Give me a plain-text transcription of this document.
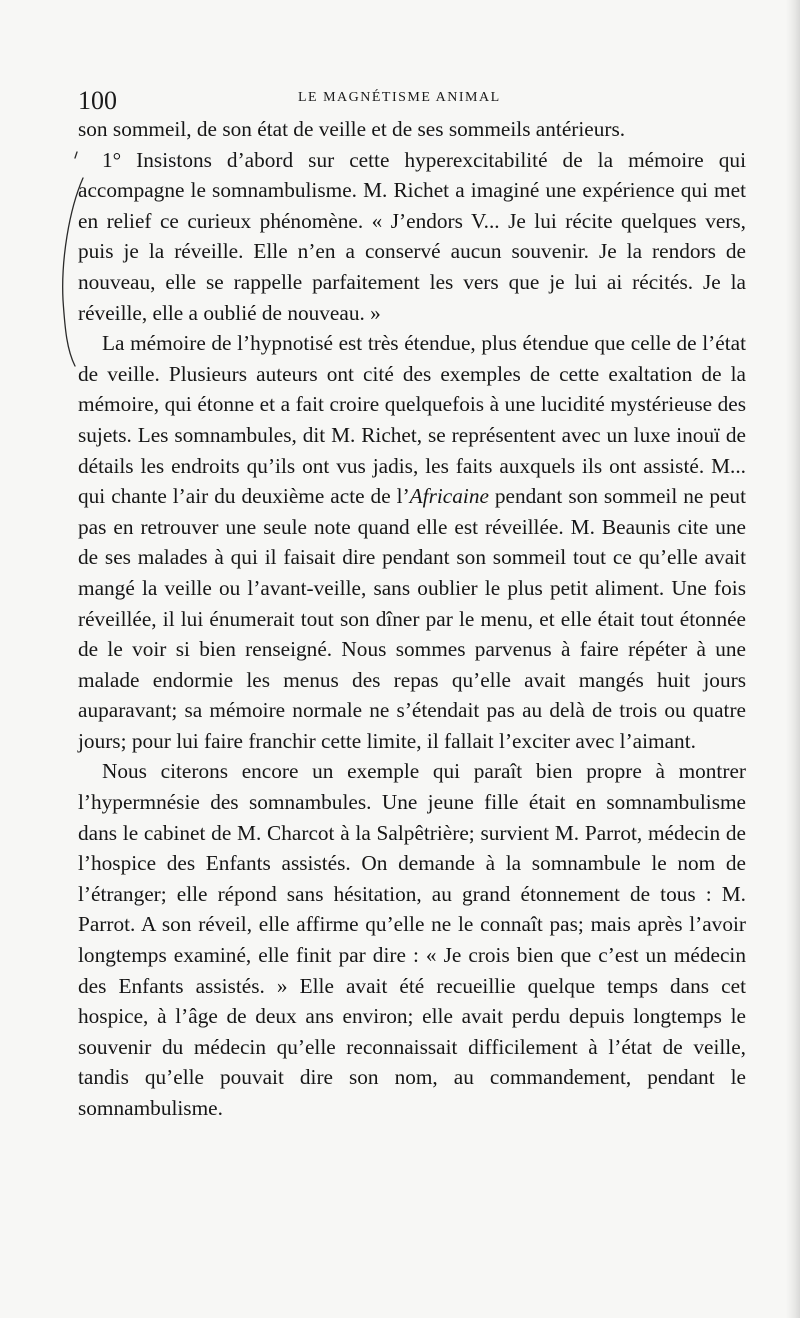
100	LE MAGNÉTISME ANIMAL

son sommeil, de son état de veille et de ses sommeils antérieurs.

1° Insistons d’abord sur cette hyperexcitabilité de la mémoire qui accompagne le somnambulisme. M. Richet a imaginé une expérience qui met en relief ce curieux phénomène. « J’endors V... Je lui récite quelques vers, puis je la réveille. Elle n’en a conservé aucun souvenir. Je la rendors de nouveau, elle se rappelle parfaitement les vers que je lui ai récités. Je la réveille, elle a oublié de nouveau. »

La mémoire de l’hypnotisé est très étendue, plus étendue que celle de l’état de veille. Plusieurs auteurs ont cité des exemples de cette exaltation de la mémoire, qui étonne et a fait croire quelquefois à une lucidité mystérieuse des sujets. Les somnambules, dit M. Richet, se représentent avec un luxe inouï de détails les endroits qu’ils ont vus jadis, les faits auxquels ils ont assisté. M... qui chante l’air du deuxième acte de l’Africaine pendant son sommeil ne peut pas en retrouver une seule note quand elle est réveillée. M. Beaunis cite une de ses malades à qui il faisait dire pendant son sommeil tout ce qu’elle avait mangé la veille ou l’avant-veille, sans oublier le plus petit aliment. Une fois réveillée, il lui énumerait tout son dîner par le menu, et elle était tout étonnée de le voir si bien renseigné. Nous sommes parvenus à faire répéter à une malade endormie les menus des repas qu’elle avait mangés huit jours auparavant; sa mémoire normale ne s’étendait pas au delà de trois ou quatre jours; pour lui faire franchir cette limite, il fallait l’exciter avec l’aimant.

Nous citerons encore un exemple qui paraît bien propre à montrer l’hypermnésie des somnambules. Une jeune fille était en somnambulisme dans le cabinet de M. Charcot à la Salpêtrière; survient M. Parrot, médecin de l’hospice des Enfants assistés. On demande à la somnambule le nom de l’étranger; elle répond sans hésitation, au grand étonnement de tous : M. Parrot. A son réveil, elle affirme qu’elle ne le connaît pas; mais après l’avoir longtemps examiné, elle finit par dire : « Je crois bien que c’est un médecin des Enfants assistés. » Elle avait été recueillie quelque temps dans cet hospice, à l’âge de deux ans environ; elle avait perdu depuis longtemps le souvenir du médecin qu’elle reconnaissait difficilement à l’état de veille, tandis qu’elle pouvait dire son nom, au commandement, pendant le somnambulisme.
